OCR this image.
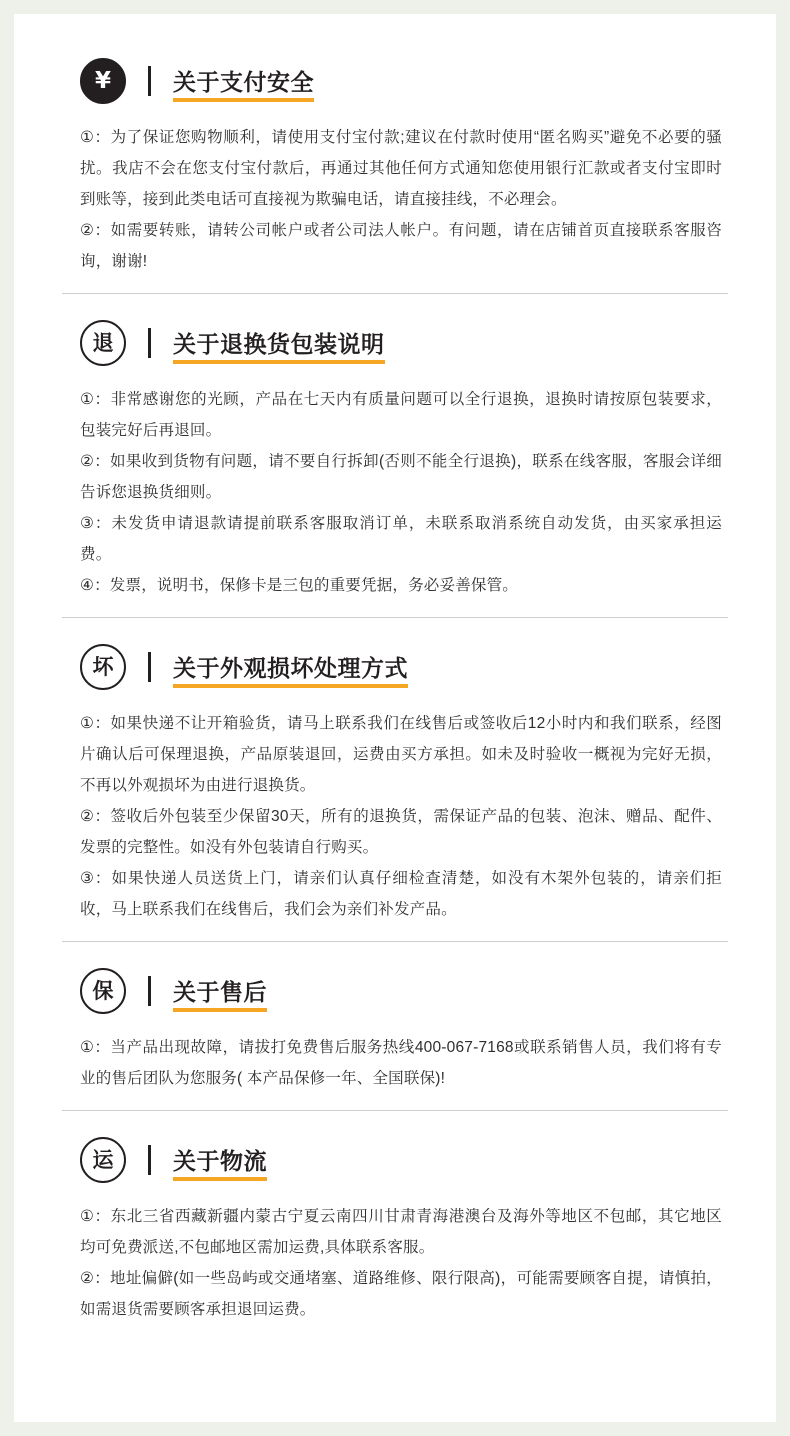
¥	关于支付安全

①：为了保证您购物顺利，请使用支付宝付款;建议在付款时使用“匿名购买”避免不必要的骚扰。我店不会在您支付宝付款后，再通过其他任何方式通知您使用银行汇款或者支付宝即时到账等，接到此类电话可直接视为欺骗电话，请直接挂线，不必理会。

②：如需要转账，请转公司帐户或者公司法人帐户。有问题，请在店铺首页直接联系客服咨询，谢谢!

退	关于退换货包装说明

①：非常感谢您的光顾，产品在七天内有质量问题可以全行退换，退换时请按原包装要求，包装完好后再退回。

②：如果收到货物有问题，请不要自行拆卸(否则不能全行退换)，联系在线客服，客服会详细告诉您退换货细则。

③：未发货申请退款请提前联系客服取消订单，未联系取消系统自动发货，由买家承担运费。

④：发票，说明书，保修卡是三包的重要凭据，务必妥善保管。

坏	关于外观损坏处理方式

①：如果快递不让开箱验货，请马上联系我们在线售后或签收后12小时内和我们联系，经图片确认后可保理退换，产品原装退回，运费由买方承担。如未及时验收一概视为完好无损，不再以外观损坏为由进行退换货。

②：签收后外包装至少保留30天，所有的退换货，需保证产品的包装、泡沫、赠品、配件、发票的完整性。如没有外包装请自行购买。

③：如果快递人员送货上门，请亲们认真仔细检查清楚，如没有木架外包装的，请亲们拒收，马上联系我们在线售后，我们会为亲们补发产品。

保	关于售后

①：当产品出现故障，请拔打免费售后服务热线400-067-7168或联系销售人员，我们将有专业的售后团队为您服务( 本产品保修一年、全国联保)!

运	关于物流

①：东北三省西藏新疆内蒙古宁夏云南四川甘肃青海港澳台及海外等地区不包邮，其它地区均可免费派送,不包邮地区需加运费,具体联系客服。

②：地址偏僻(如一些岛屿或交通堵塞、道路维修、限行限高)，可能需要顾客自提，请慎拍，如需退货需要顾客承担退回运费。
